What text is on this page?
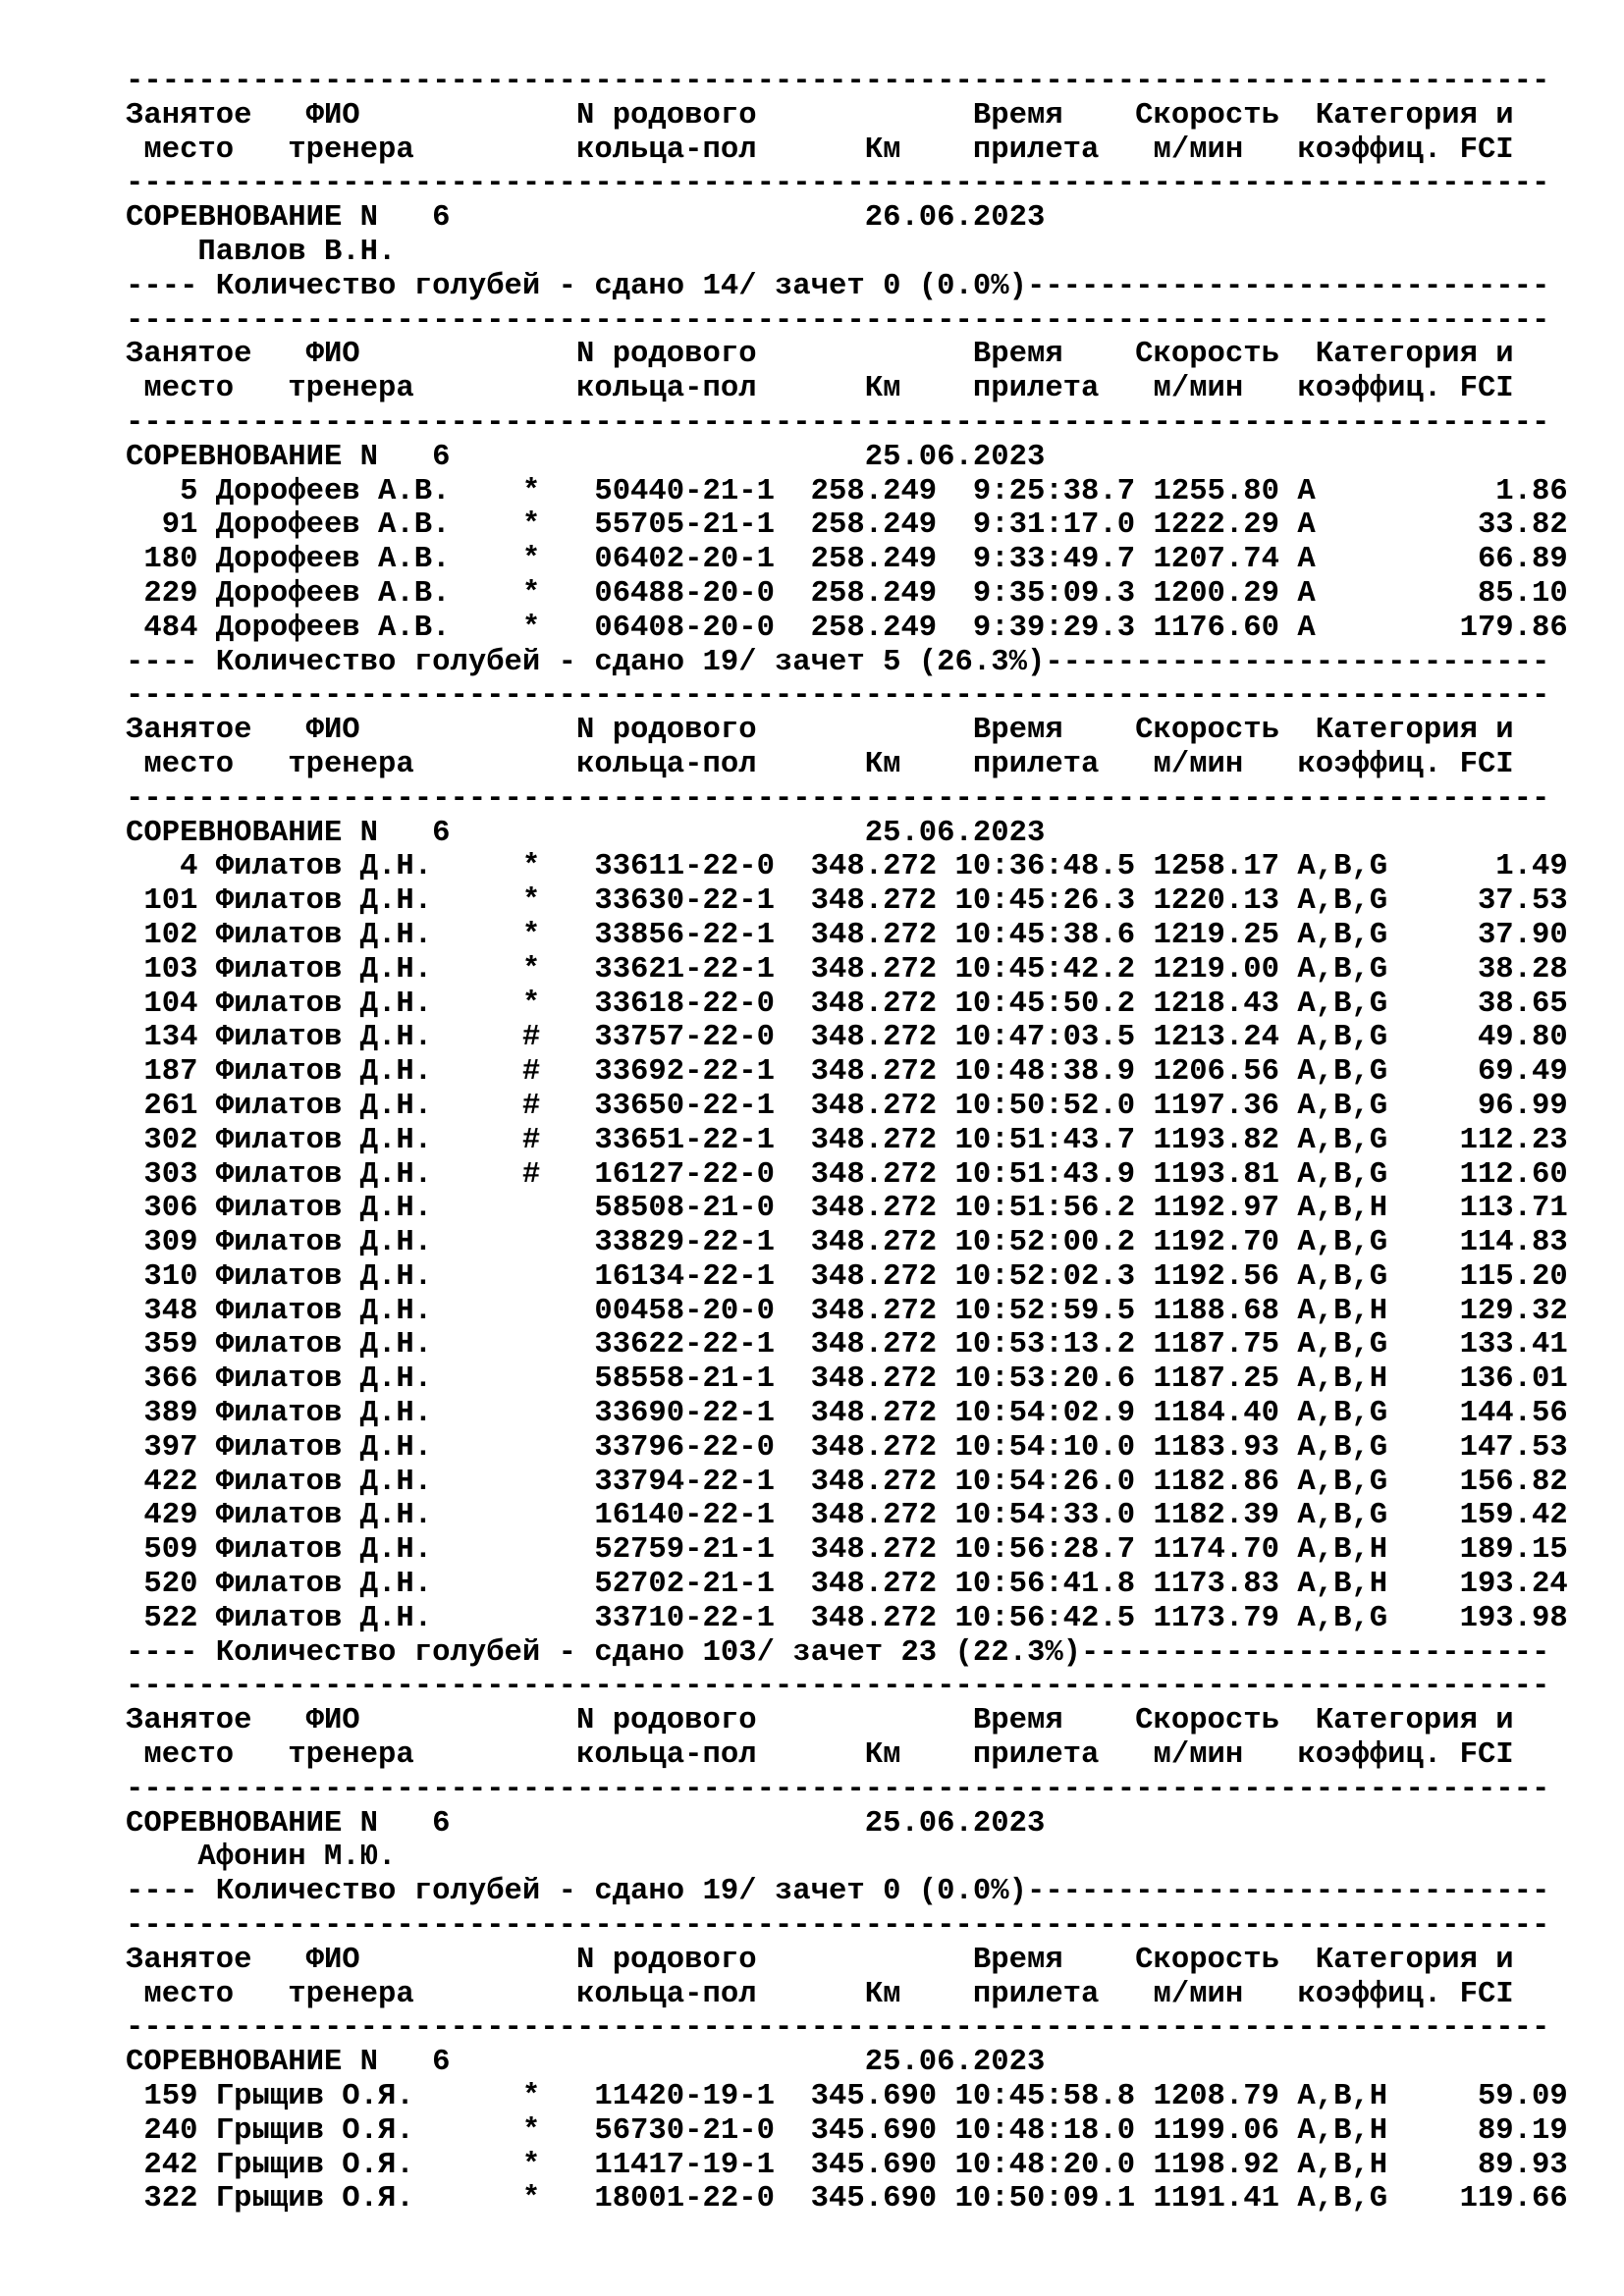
-------------------------------------------------------------------------------
Занятое   ФИО            N родового            Время    Скорость  Категория и
место   тренера         кольца-пол      Км    прилета   м/мин   коэффиц. FCI
-------------------------------------------------------------------------------
СОРЕВНОВАНИЕ N   6                       26.06.2023
Павлов В.Н.
---- Количество голубей - сдано 14/ зачет 0 (0.0%)-----------------------------
-------------------------------------------------------------------------------
Занятое   ФИО            N родового            Время    Скорость  Категория и
место   тренера         кольца-пол      Км    прилета   м/мин   коэффиц. FCI
-------------------------------------------------------------------------------
СОРЕВНОВАНИЕ N   6                       25.06.2023
5 Дорофеев А.В.    *   50440-21-1  258.249  9:25:38.7 1255.80 A          1.86
91 Дорофеев А.В.    *   55705-21-1  258.249  9:31:17.0 1222.29 A         33.82
180 Дорофеев А.В.    *   06402-20-1  258.249  9:33:49.7 1207.74 A         66.89
229 Дорофеев А.В.    *   06488-20-0  258.249  9:35:09.3 1200.29 A         85.10
484 Дорофеев А.В.    *   06408-20-0  258.249  9:39:29.3 1176.60 A        179.86
---- Количество голубей - сдано 19/ зачет 5 (26.3%)----------------------------
-------------------------------------------------------------------------------
Занятое   ФИО            N родового            Время    Скорость  Категория и
место   тренера         кольца-пол      Км    прилета   м/мин   коэффиц. FCI
-------------------------------------------------------------------------------
СОРЕВНОВАНИЕ N   6                       25.06.2023
4 Филатов Д.Н.     *   33611-22-0  348.272 10:36:48.5 1258.17 A,B,G      1.49
101 Филатов Д.Н.     *   33630-22-1  348.272 10:45:26.3 1220.13 A,B,G     37.53
102 Филатов Д.Н.     *   33856-22-1  348.272 10:45:38.6 1219.25 A,B,G     37.90
103 Филатов Д.Н.     *   33621-22-1  348.272 10:45:42.2 1219.00 A,B,G     38.28
104 Филатов Д.Н.     *   33618-22-0  348.272 10:45:50.2 1218.43 A,B,G     38.65
134 Филатов Д.Н.     #   33757-22-0  348.272 10:47:03.5 1213.24 A,B,G     49.80
187 Филатов Д.Н.     #   33692-22-1  348.272 10:48:38.9 1206.56 A,B,G     69.49
261 Филатов Д.Н.     #   33650-22-1  348.272 10:50:52.0 1197.36 A,B,G     96.99
302 Филатов Д.Н.     #   33651-22-1  348.272 10:51:43.7 1193.82 A,B,G    112.23
303 Филатов Д.Н.     #   16127-22-0  348.272 10:51:43.9 1193.81 A,B,G    112.60
306 Филатов Д.Н.         58508-21-0  348.272 10:51:56.2 1192.97 A,B,H    113.71
309 Филатов Д.Н.         33829-22-1  348.272 10:52:00.2 1192.70 A,B,G    114.83
310 Филатов Д.Н.         16134-22-1  348.272 10:52:02.3 1192.56 A,B,G    115.20
348 Филатов Д.Н.         00458-20-0  348.272 10:52:59.5 1188.68 A,B,H    129.32
359 Филатов Д.Н.         33622-22-1  348.272 10:53:13.2 1187.75 A,B,G    133.41
366 Филатов Д.Н.         58558-21-1  348.272 10:53:20.6 1187.25 A,B,H    136.01
389 Филатов Д.Н.         33690-22-1  348.272 10:54:02.9 1184.40 A,B,G    144.56
397 Филатов Д.Н.         33796-22-0  348.272 10:54:10.0 1183.93 A,B,G    147.53
422 Филатов Д.Н.         33794-22-1  348.272 10:54:26.0 1182.86 A,B,G    156.82
429 Филатов Д.Н.         16140-22-1  348.272 10:54:33.0 1182.39 A,B,G    159.42
509 Филатов Д.Н.         52759-21-1  348.272 10:56:28.7 1174.70 A,B,H    189.15
520 Филатов Д.Н.         52702-21-1  348.272 10:56:41.8 1173.83 A,B,H    193.24
522 Филатов Д.Н.         33710-22-1  348.272 10:56:42.5 1173.79 A,B,G    193.98
---- Количество голубей - сдано 103/ зачет 23 (22.3%)--------------------------
-------------------------------------------------------------------------------
Занятое   ФИО            N родового            Время    Скорость  Категория и
место   тренера         кольца-пол      Км    прилета   м/мин   коэффиц. FCI
-------------------------------------------------------------------------------
СОРЕВНОВАНИЕ N   6                       25.06.2023
Афонин М.Ю.
---- Количество голубей - сдано 19/ зачет 0 (0.0%)-----------------------------
-------------------------------------------------------------------------------
Занятое   ФИО            N родового            Время    Скорость  Категория и
место   тренера         кольца-пол      Км    прилета   м/мин   коэффиц. FCI
-------------------------------------------------------------------------------
СОРЕВНОВАНИЕ N   6                       25.06.2023
159 Грыщив О.Я.      *   11420-19-1  345.690 10:45:58.8 1208.79 A,B,H     59.09
240 Грыщив О.Я.      *   56730-21-0  345.690 10:48:18.0 1199.06 A,B,H     89.19
242 Грыщив О.Я.      *   11417-19-1  345.690 10:48:20.0 1198.92 A,B,H     89.93
322 Грыщив О.Я.      *   18001-22-0  345.690 10:50:09.1 1191.41 A,B,G    119.66
